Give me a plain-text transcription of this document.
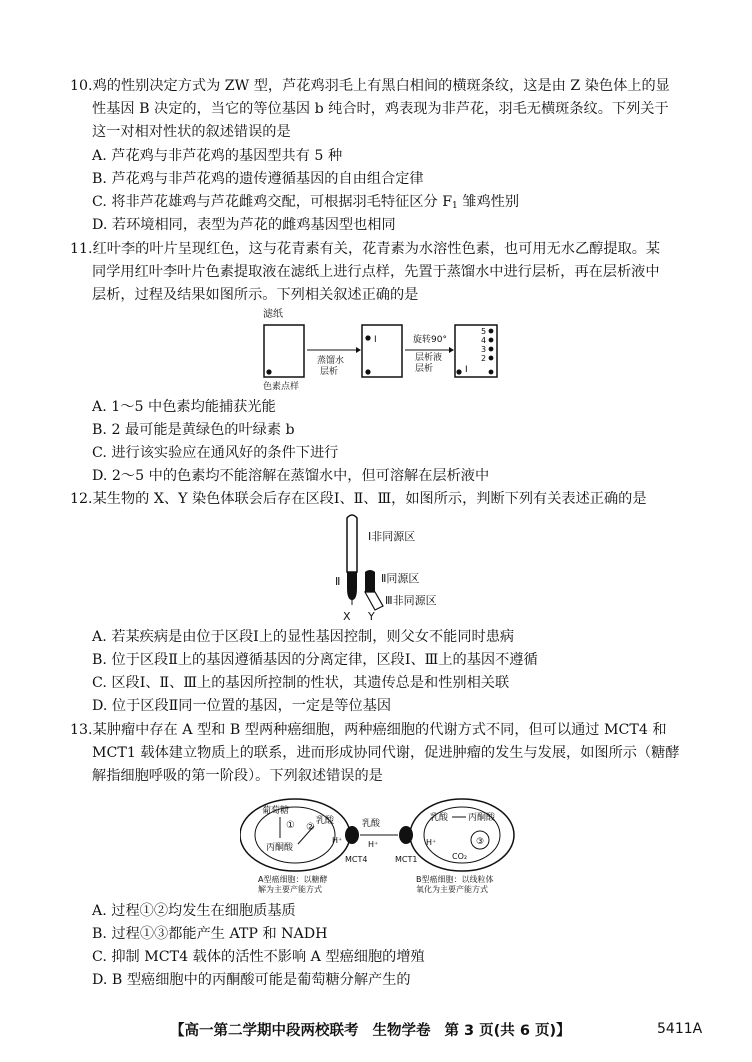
10.鸡的性别决定方式为 ZW 型，芦花鸡羽毛上有黑白相间的横斑条纹，这是由 Z 染色体上的显
性基因 B 决定的，当它的等位基因 b 纯合时，鸡表现为非芦花，羽毛无横斑条纹。下列关于
这一对相对性状的叙述错误的是
A. 芦花鸡与非芦花鸡的基因型共有 5 种
B. 芦花鸡与非芦花鸡的遗传遵循基因的自由组合定律
C. 将非芦花雄鸡与芦花雌鸡交配，可根据羽毛特征区分 $F_1$ 雏鸡性别
D. 若环境相同，表型为芦花的雌鸡基因型也相同
11.红叶李的叶片呈现红色，这与花青素有关，花青素为水溶性色素，也可用无水乙醇提取。某
同学用红叶李叶片色素提取液在滤纸上进行点样，先置于蒸馏水中进行层析，再在层析液中
层析，过程及结果如图所示。下列相关叙述正确的是
滤纸
色素点样
蒸馏水
层析
I	旋转90°
层析液
层析	I
5
4
3
2
A. 1～5 中色素均能捕获光能
B. 2 最可能是黄绿色的叶绿素 b
C. 进行该实验应在通风好的条件下进行
D. 2～5 中的色素均不能溶解在蒸馏水中，但可溶解在层析液中
12.某生物的 X、Y 染色体联会后存在区段Ⅰ、Ⅱ、Ⅲ，如图所示，判断下列有关表述正确的是
Ⅰ非同源区
Ⅱ	Ⅱ同源区
Ⅲ非同源区
X Y
A. 若某疾病是由位于区段Ⅰ上的显性基因控制，则父女不能同时患病
B. 位于区段Ⅱ上的基因遵循基因的分离定律，区段Ⅰ、Ⅲ上的基因不遵循
C. 区段Ⅰ、Ⅱ、Ⅲ上的基因所控制的性状，其遗传总是和性别相关联
D. 位于区段Ⅱ同一位置的基因，一定是等位基因
13.某肿瘤中存在 A 型和 B 型两种癌细胞，两种癌细胞的代谢方式不同，但可以通过 MCT4 和
MCT1 载体建立物质上的联系，进而形成协同代谢，促进肿瘤的发生与发展，如图所示（糖酵
解指细胞呼吸的第一阶段）。下列叙述错误的是
葡萄糖
①
丙酮酸
②
乳酸
H⁺
MCT4
乳酸
H⁺
MCT1
乳酸 丙酮酸
H⁺	③
CO₂
A型癌细胞：以糖酵
解为主要产能方式
B型癌细胞：以线粒体
氧化为主要产能方式
A. 过程①②均发生在细胞质基质
B. 过程①③都能产生 ATP 和 NADH
C. 抑制 MCT4 载体的活性不影响 A 型癌细胞的增殖
D. B 型癌细胞中的丙酮酸可能是葡萄糖分解产生的
【高一第二学期中段两校联考 生物学卷 第 3 页(共 6 页)】	5411A
